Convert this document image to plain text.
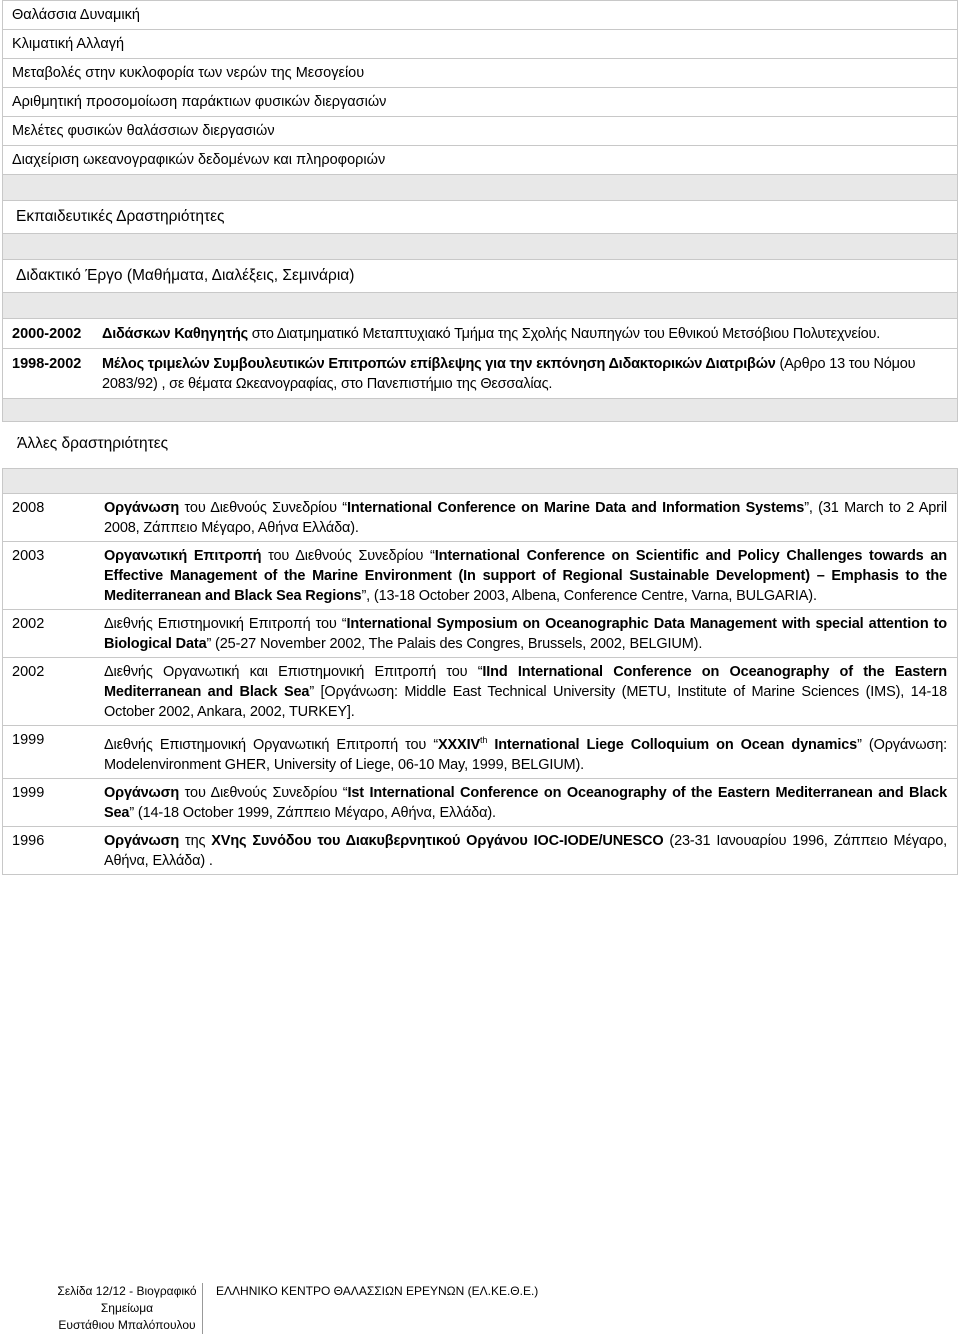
Θαλάσσια Δυναμική
Κλιματική Αλλαγή
Μεταβολές στην κυκλοφορία των νερών της Μεσογείου
Αριθμητική προσομοίωση παράκτιων φυσικών διεργασιών
Μελέτες φυσικών θαλάσσιων διεργασιών
Διαχείριση ωκεανογραφικών δεδομένων και πληροφοριών
Εκπαιδευτικές Δραστηριότητες
Διδακτικό Έργο (Μαθήματα, Διαλέξεις, Σεμινάρια)
2000-2002	Διδάσκων Καθηγητής στο Διατμηματικό Μεταπτυχιακό Τμήμα της Σχολής Ναυπηγών του Εθνικού Μετσόβιου Πολυτεχνείου.
1998-2002	Μέλος τριμελών Συμβουλευτικών Επιτροπών επίβλεψης για την εκπόνηση Διδακτορικών Διατριβών (Αρθρο 13 του Νόμου 2083/92) , σε θέματα Ωκεανογραφίας, στο Πανεπιστήμιο της Θεσσαλίας.
Άλλες δραστηριότητες
2008	Οργάνωση του Διεθνούς Συνεδρίου “International Conference on Marine Data and Information Systems”, (31 March to 2 April 2008, Ζάππειο Μέγαρο, Αθήνα Ελλάδα).
2003	Οργανωτική Επιτροπή του Διεθνούς Συνεδρίου “International Conference on Scientific and Policy Challenges towards an Effective Management of the Marine Environment (In support of Regional Sustainable Development) – Emphasis to the Mediterranean and Black Sea Regions”, (13-18 October 2003, Albena, Conference Centre, Varna, BULGARIA).
2002	Διεθνής Επιστημονική Επιτροπή του “International Symposium on Oceanographic Data Management with special attention to Biological Data” (25-27 November 2002, The Palais des Congres, Brussels, 2002, BELGIUM).
2002	Διεθνής Οργανωτική και Επιστημονική Επιτροπή του “IInd International Conference on Oceanography of the Eastern Mediterranean and Black Sea” [Οργάνωση: Middle East Technical University (METU, Institute of Marine Sciences (IMS), 14-18 October 2002, Ankara, 2002, TURKEY].
1999	Διεθνής Επιστημονική Οργανωτική Επιτροπή του “XXXIVth International Liege Colloquium on Ocean dynamics” (Οργάνωση: Modelenvironment GHER, University of Liege, 06-10 May, 1999, BELGIUM).
1999	Οργάνωση του Διεθνούς Συνεδρίου “Ist International Conference on Oceanography of the Eastern Mediterranean and Black Sea” (14-18 October 1999, Ζάππειο Μέγαρο, Αθήνα, Ελλάδα).
1996	Οργάνωση της XVης Συνόδου του Διακυβερνητικού Οργάνου IOC-IODE/UNESCO (23-31 Ιανουαρίου 1996, Ζάππειο Μέγαρο, Αθήνα, Ελλάδα) .
Σελίδα 12/12 - Βιογραφικό
Σημείωμα
Ευστάθιου Μπαλόπουλου
ΕΛΛΗΝΙΚΟ ΚΕΝΤΡΟ ΘΑΛΑΣΣΙΩΝ ΕΡΕΥΝΩΝ (ΕΛ.ΚΕ.Θ.Ε.)
